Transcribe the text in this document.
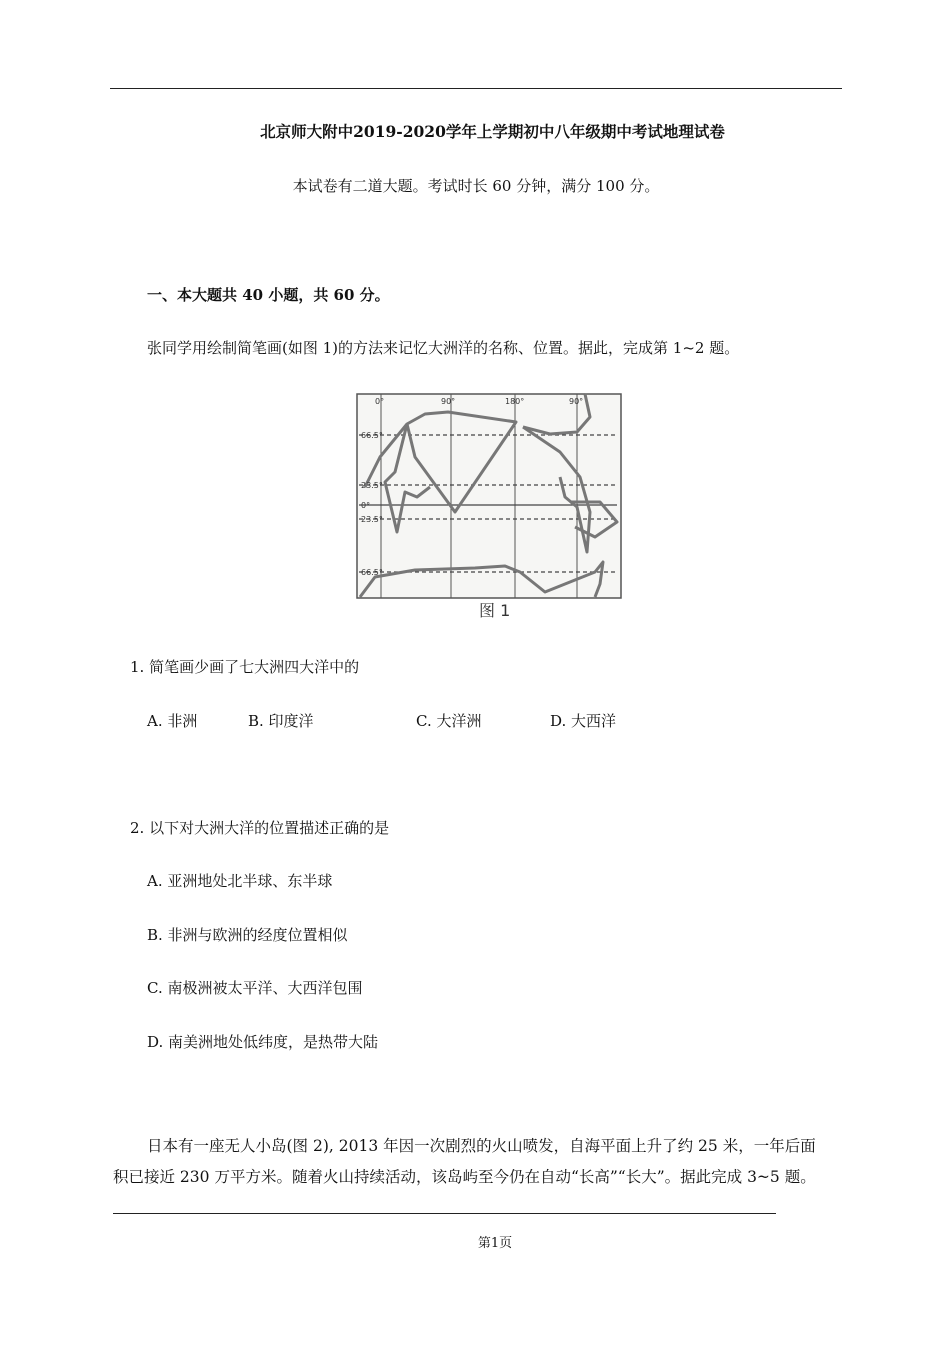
北京师大附中2019-2020学年上学期初中八年级期中考试地理试卷
本试卷有二道大题。考试时长 60 分钟，满分 100 分。
一、本大题共 40 小题，共 60 分。
张同学用绘制简笔画(如图 1)的方法来记忆大洲洋的名称、位置。据此，完成第 1~2 题。
0°	90°	180°	90°
66.5°
23.5°
0°
23.5°
66.5°
图 1
1. 简笔画少画了七大洲四大洋中的
A. 非洲	B. 印度洋	C. 大洋洲	D. 大西洋
2. 以下对大洲大洋的位置描述正确的是
A. 亚洲地处北半球、东半球
B. 非洲与欧洲的经度位置相似
C. 南极洲被太平洋、大西洋包围
D. 南美洲地处低纬度，是热带大陆
日本有一座无人小岛(图 2), 2013 年因一次剧烈的火山喷发，自海平面上升了约 25 米，一年后面
积已接近 230 万平方米。随着火山持续活动，该岛屿至今仍在自动“长高”“长大”。据此完成 3~5 题。
第1页
